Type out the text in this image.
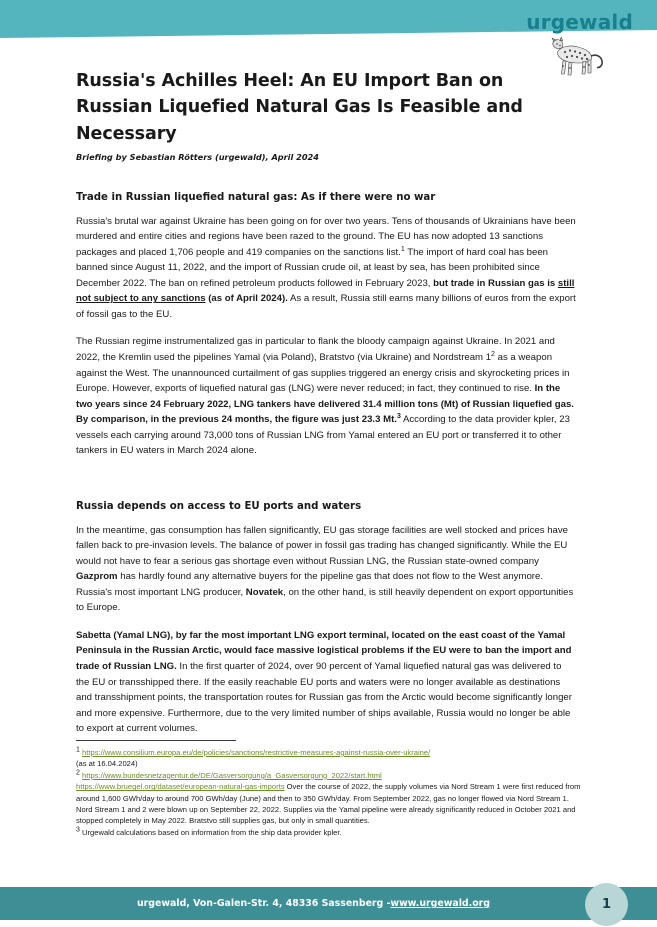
urgewald
Russia's Achilles Heel: An EU Import Ban on Russian Liquefied Natural Gas Is Feasible and Necessary
Briefing by Sebastian Rötters (urgewald), April 2024
Trade in Russian liquefied natural gas: As if there were no war

Russia's brutal war against Ukraine has been going on for over two years. Tens of thousands of Ukrainians have been murdered and entire cities and regions have been razed to the ground. The EU has now adopted 13 sanctions packages and placed 1,706 people and 419 companies on the sanctions list.$^1$ The import of hard coal has been banned since August 11, 2022, and the import of Russian crude oil, at least by sea, has been prohibited since December 2022. The ban on refined petroleum products followed in February 2023, but trade in Russian gas is still not subject to any sanctions (as of April 2024). As a result, Russia still earns many billions of euros from the export of fossil gas to the EU.

The Russian regime instrumentalized gas in particular to flank the bloody campaign against Ukraine. In 2021 and 2022, the Kremlin used the pipelines Yamal (via Poland), Bratstvo (via Ukraine) and Nordstream $1^2$ as a weapon against the West. The unannounced curtailment of gas supplies triggered an energy crisis and skyrocketing prices in Europe. However, exports of liquefied natural gas (LNG) were never reduced; in fact, they continued to rise. In the two years since 24 February 2022, LNG tankers have delivered 31.4 million tons (Mt) of Russian liquefied gas. By comparison, in the previous 24 months, the figure was just 23.3 Mt.$^3$ According to the data provider kpler, 23 vessels each carrying around 73,000 tons of Russian LNG from Yamal entered an EU port or transferred it to other tankers in EU waters in March 2024 alone.

Russia depends on access to EU ports and waters

In the meantime, gas consumption has fallen significantly, EU gas storage facilities are well stocked and prices have fallen back to pre-invasion levels. The balance of power in fossil gas trading has changed significantly. While the EU would not have to fear a serious gas shortage even without Russian LNG, the Russian state-owned company Gazprom has hardly found any alternative buyers for the pipeline gas that does not flow to the West anymore. Russia's most important LNG producer, Novatek, on the other hand, is still heavily dependent on export opportunities to Europe.

Sabetta (Yamal LNG), by far the most important LNG export terminal, located on the east coast of the Yamal Peninsula in the Russian Arctic, would face massive logistical problems if the EU were to ban the import and trade of Russian LNG. In the first quarter of 2024, over 90 percent of Yamal liquefied natural gas was delivered to the EU or transshipped there. If the easily reachable EU ports and waters were no longer available as destinations and transshipment points, the transportation routes for Russian gas from the Arctic would become significantly longer and more expensive. Furthermore, due to the very limited number of ships available, Russia would no longer be able to export at current volumes.

$^1$ https://www.consilium.europa.eu/de/policies/sanctions/restrictive-measures-against-russia-over-ukraine/

(as at 16.04.2024)

$^2$ https://www.bundesnetzagentur.de/DE/Gasversorgung/a_Gasversorgung_2022/start.html

https://www.bruegel.org/dataset/european-natural-gas-imports Over the course of 2022, the supply volumes via Nord Stream 1 were first reduced from around 1,600 GWh/day to around 700 GWh/day (June) and then to 350 GWh/day. From September 2022, gas no longer flowed via Nord Stream 1. Nord Stream 1 and 2 were blown up on September 22, 2022. Supplies via the Yamal pipeline were already significantly reduced in October 2021 and stopped completely in May 2022. Bratstvo still supplies gas, but only in small quantities.

$^3$ Urgewald calculations based on information from the ship data provider kpler.

urgewald, Von-Galen-Str. 4, 48336 Sassenberg - www.urgewald.org	1
